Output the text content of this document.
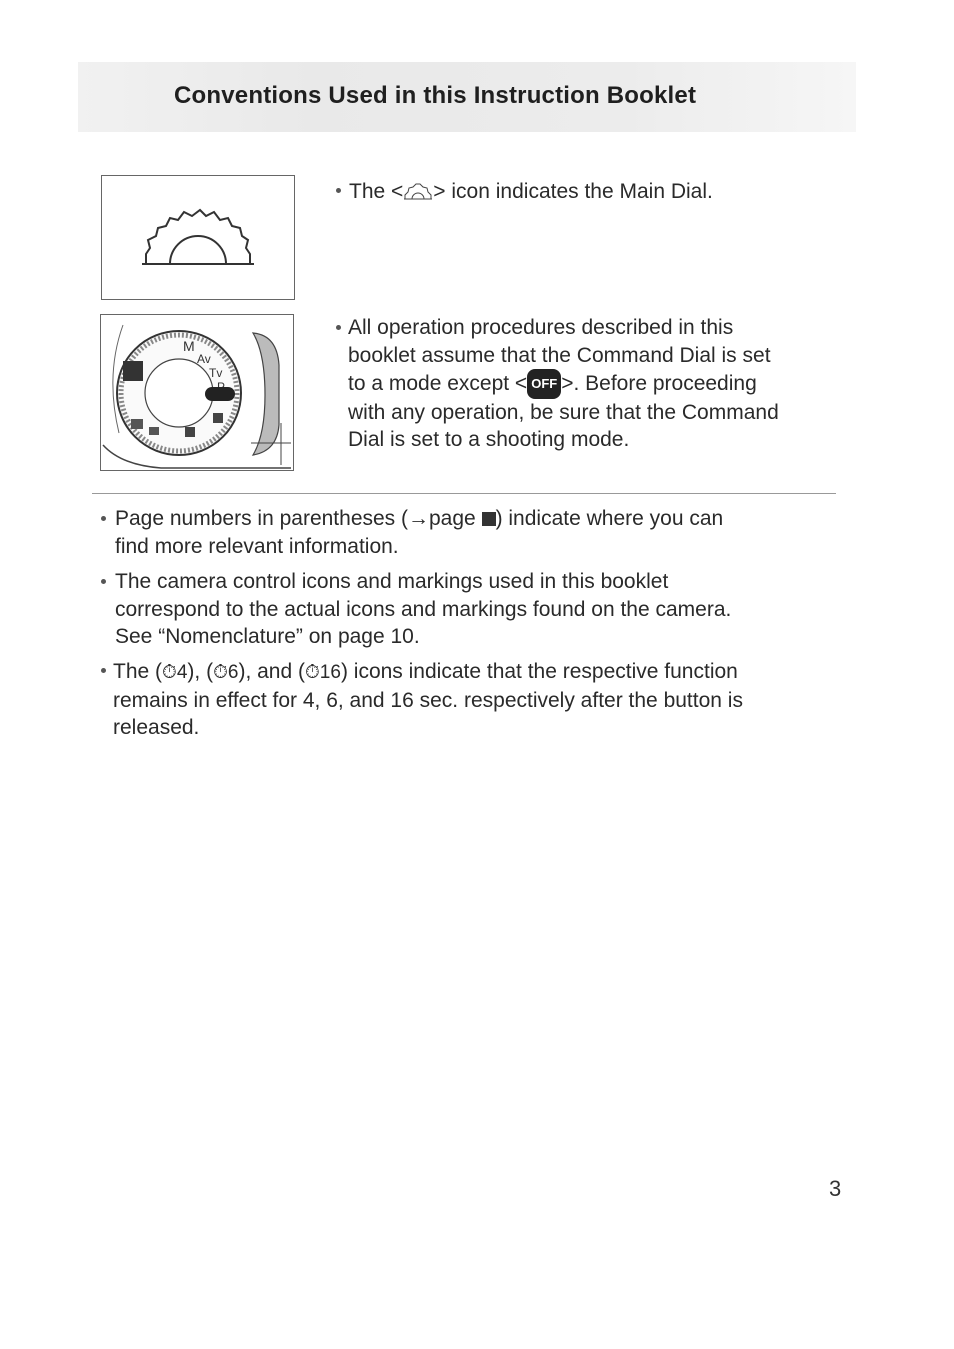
Conventions Used in this Instruction Booklet
M
Av
Tv
The < > icon indicates the Main Dial.
All operation procedures described in this
booklet assume that the Command Dial is set
to a mode except < OFF >. Before proceeding
with any operation, be sure that the Command
Dial is set to a shooting mode.
Page numbers in parentheses (→page ) indicate where you can
find more relevant information.
The camera control icons and markings used in this booklet
correspond to the actual icons and markings found on the camera.
See “Nomenclature” on page 10.
The (⏱4), (⏱6), and (⏱16) icons indicate that the respective function
remains in effect for 4, 6, and 16 sec. respectively after the button is
released.
3
